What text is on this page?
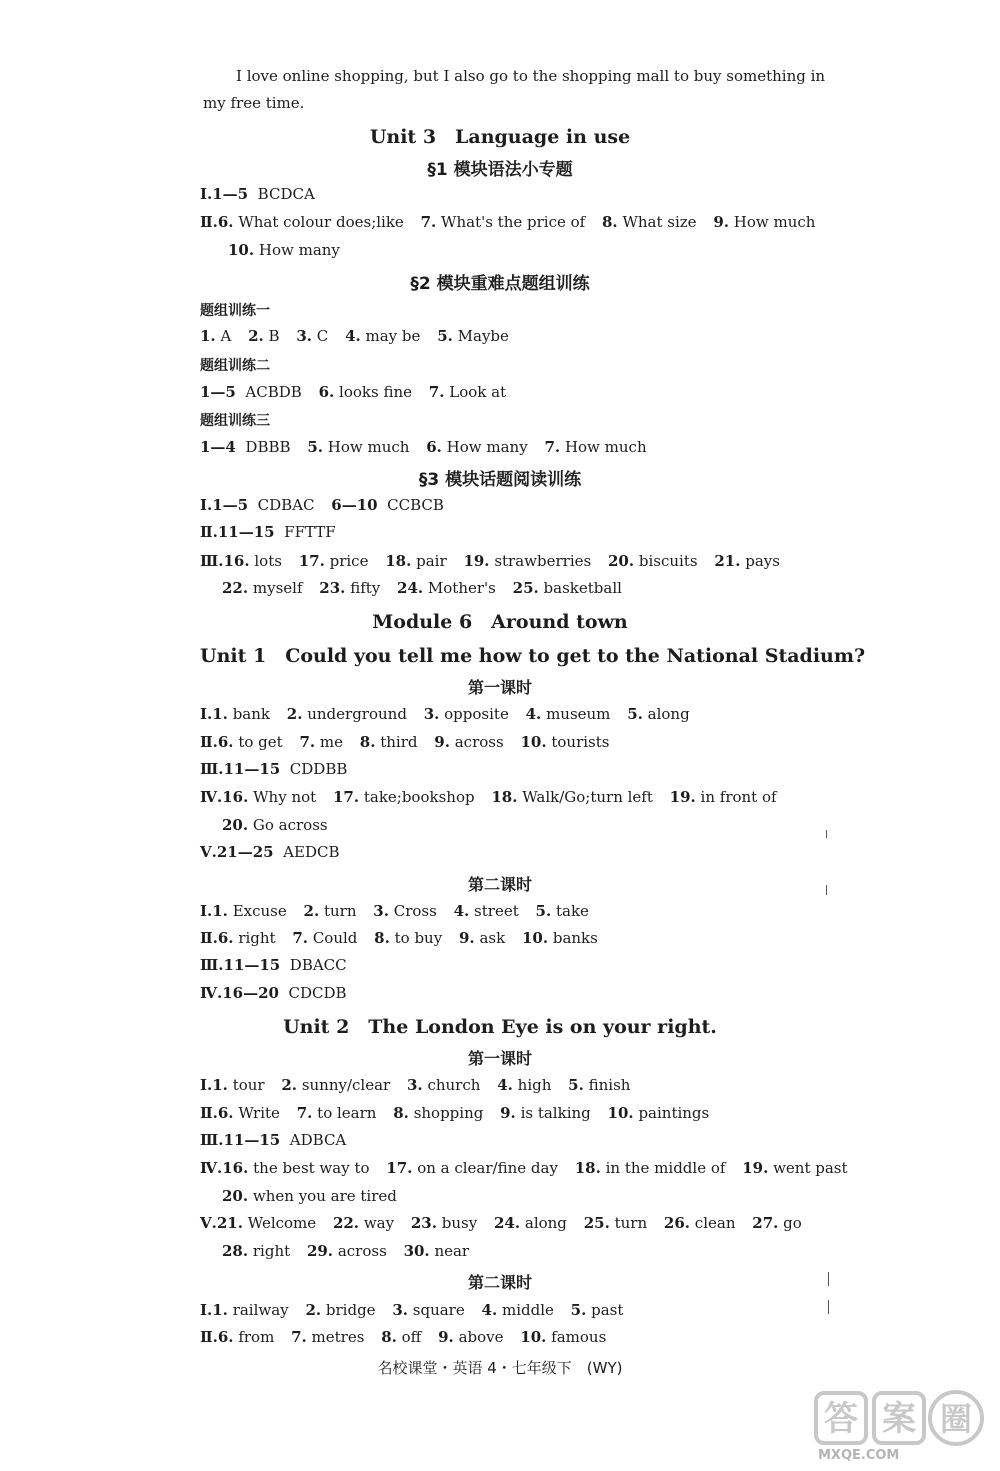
I love online shopping, but I also go to the shopping mall to buy something in
my free time.
Unit 3　Language in use
§1 模块语法小专题
Ⅰ.1—5 BCDCA
Ⅱ.6. What colour does;like 7. What's the price of 8. What size 9. How much
10. How many
§2 模块重难点题组训练
题组训练一
1. A 2. B 3. C 4. may be 5. Maybe
题组训练二
1—5 ACBDB 6. looks fine 7. Look at
题组训练三
1—4 DBBB 5. How much 6. How many 7. How much
§3 模块话题阅读训练
Ⅰ.1—5 CDBAC 6—10 CCBCB
Ⅱ.11—15 FFTTF
Ⅲ.16. lots 17. price 18. pair 19. strawberries 20. biscuits 21. pays
22. myself 23. fifty 24. Mother's 25. basketball
Module 6　Around town
Unit 1　Could you tell me how to get to the National Stadium?
第一课时
Ⅰ.1. bank 2. underground 3. opposite 4. museum 5. along
Ⅱ.6. to get 7. me 8. third 9. across 10. tourists
Ⅲ.11—15 CDDBB
Ⅳ.16. Why not 17. take;bookshop 18. Walk/Go;turn left 19. in front of
20. Go across
Ⅴ.21—25 AEDCB
第二课时
Ⅰ.1. Excuse 2. turn 3. Cross 4. street 5. take
Ⅱ.6. right 7. Could 8. to buy 9. ask 10. banks
Ⅲ.11—15 DBACC
Ⅳ.16—20 CDCDB
Unit 2　The London Eye is on your right.
第一课时
Ⅰ.1. tour 2. sunny/clear 3. church 4. high 5. finish
Ⅱ.6. Write 7. to learn 8. shopping 9. is talking 10. paintings
Ⅲ.11—15 ADBCA
Ⅳ.16. the best way to 17. on a clear/fine day 18. in the middle of 19. went past
20. when you are tired
Ⅴ.21. Welcome 22. way 23. busy 24. along 25. turn 26. clean 27. go
28. right 29. across 30. near
第二课时
Ⅰ.1. railway 2. bridge 3. square 4. middle 5. past
Ⅱ.6. from 7. metres 8. off 9. above 10. famous
名校课堂・英语 4・七年级下　(WY)
答 案 圈
MXQE.COM
